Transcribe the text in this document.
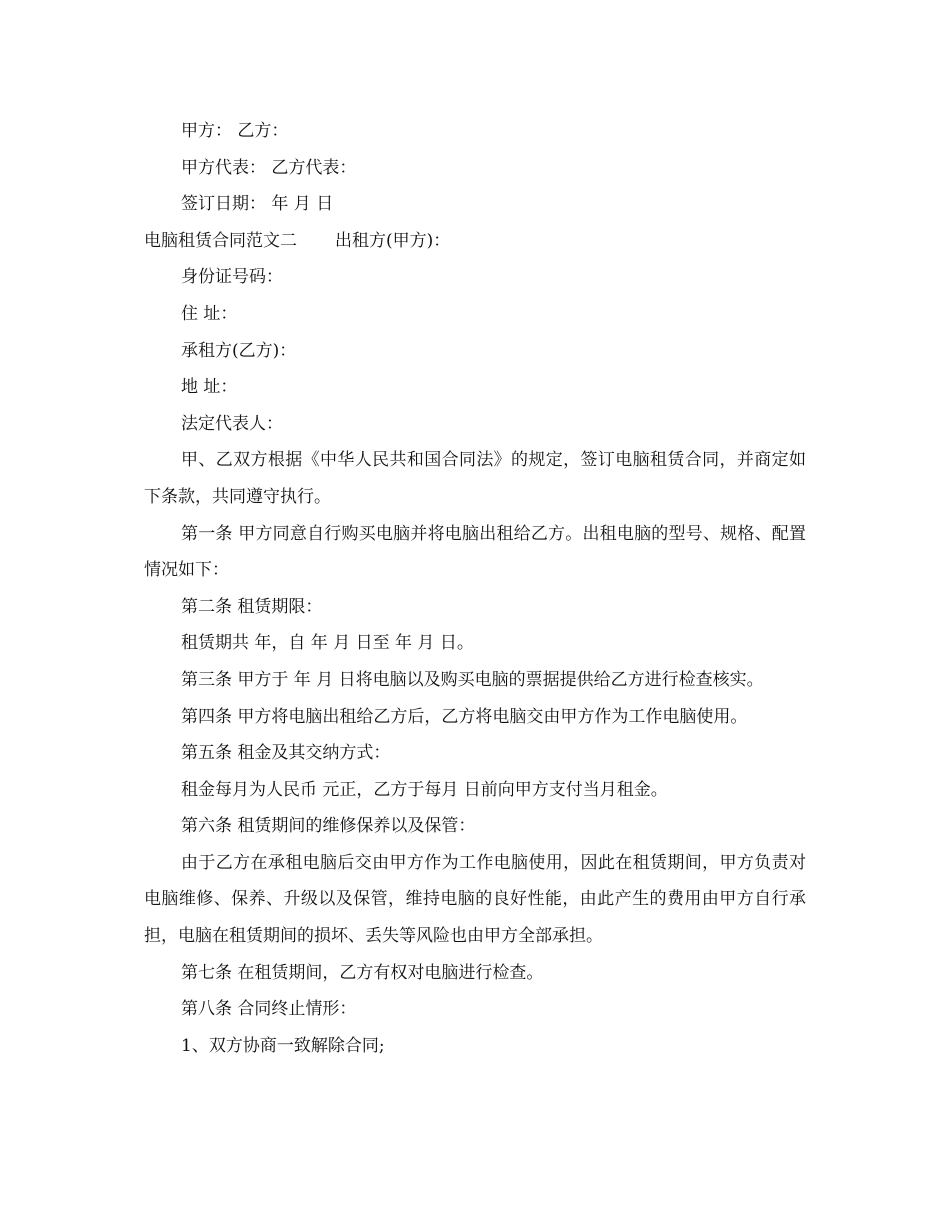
甲方： 乙方：
甲方代表： 乙方代表：
签订日期： 年 月 日
电脑租赁合同范文二 出租方(甲方)：
身份证号码：
住 址：
承租方(乙方)：
地 址：
法定代表人：
甲、乙双方根据《中华人民共和国合同法》的规定，签订电脑租赁合同，并商定如下条款，共同遵守执行。
第一条 甲方同意自行购买电脑并将电脑出租给乙方。出租电脑的型号、规格、配置情况如下：
第二条 租赁期限：
租赁期共 年，自 年 月 日至 年 月 日。
第三条 甲方于 年 月 日将电脑以及购买电脑的票据提供给乙方进行检查核实。
第四条 甲方将电脑出租给乙方后，乙方将电脑交由甲方作为工作电脑使用。
第五条 租金及其交纳方式：
租金每月为人民币 元正，乙方于每月 日前向甲方支付当月租金。
第六条 租赁期间的维修保养以及保管：
由于乙方在承租电脑后交由甲方作为工作电脑使用，因此在租赁期间，甲方负责对电脑维修、保养、升级以及保管，维持电脑的良好性能，由此产生的费用由甲方自行承担，电脑在租赁期间的损坏、丢失等风险也由甲方全部承担。
第七条 在租赁期间，乙方有权对电脑进行检查。
第八条 合同终止情形：
1、双方协商一致解除合同;
